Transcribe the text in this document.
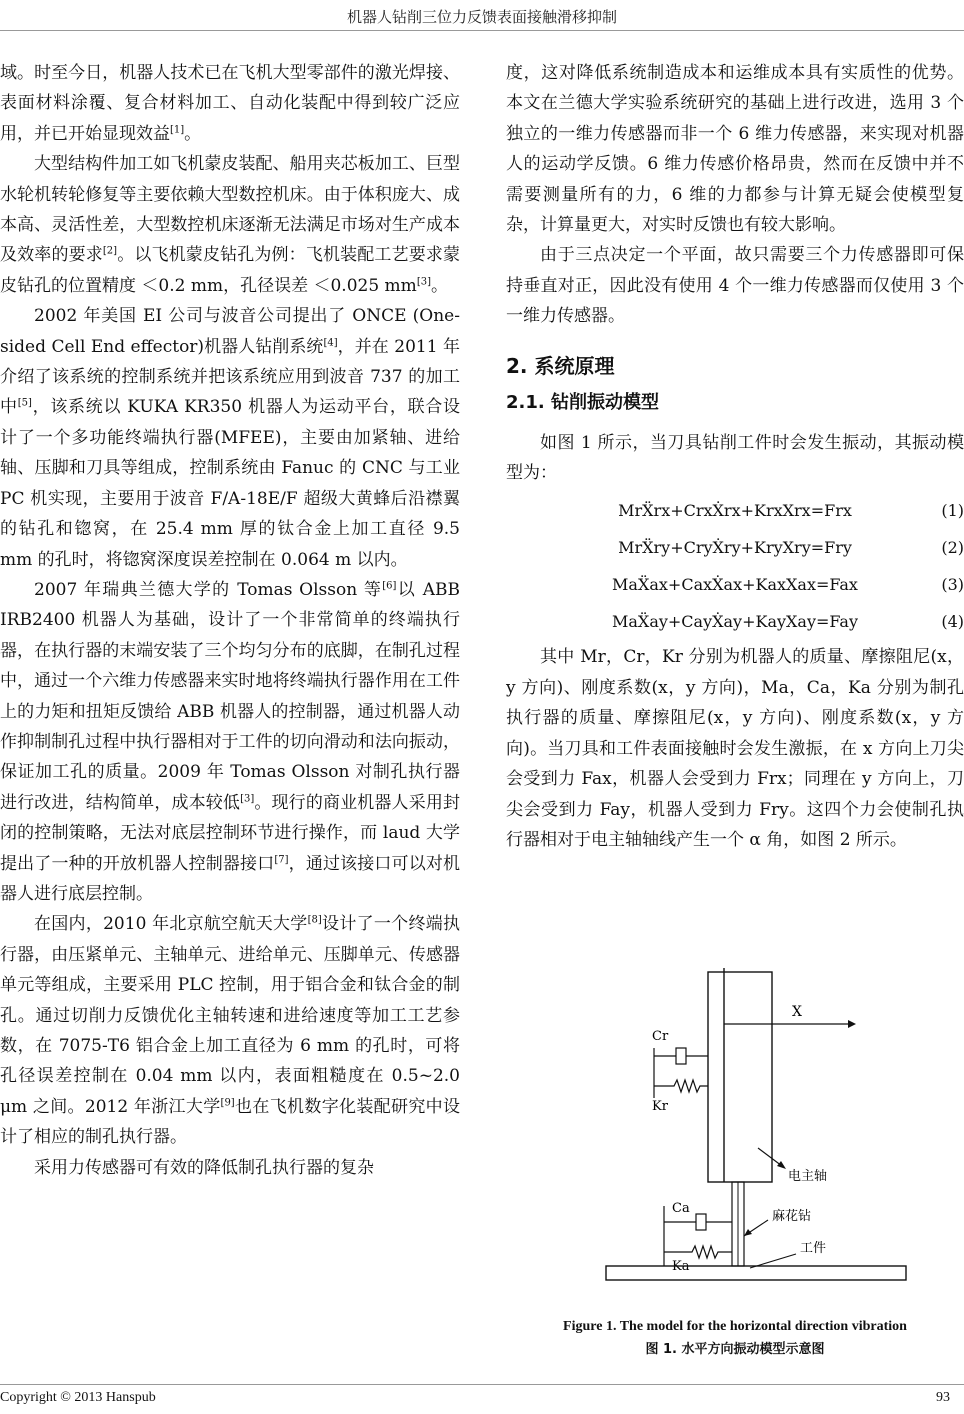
机器人钻削三位力反馈表面接触滑移抑制

域。时至今日，机器人技术已在飞机大型零部件的激光焊接、表面材料涂覆、复合材料加工、自动化装配中得到较广泛应用，并已开始显现效益[1]。

大型结构件加工如飞机蒙皮装配、船用夹芯板加工、巨型水轮机转轮修复等主要依赖大型数控机床。由于体积庞大、成本高、灵活性差，大型数控机床逐渐无法满足市场对生产成本及效率的要求[2]。以飞机蒙皮钻孔为例：飞机装配工艺要求蒙皮钻孔的位置精度 ＜0.2 mm，孔径误差 ＜0.025 mm[3]。

2002 年美国 EI 公司与波音公司提出了 ONCE (One-sided Cell End effector)机器人钻削系统[4]，并在 2011 年介绍了该系统的控制系统并把该系统应用到波音 737 的加工中[5]，该系统以 KUKA KR350 机器人为运动平台，联合设计了一个多功能终端执行器(MFEE)，主要由加紧轴、进给轴、压脚和刀具等组成，控制系统由 Fanuc 的 CNC 与工业 PC 机实现，主要用于波音 F/A-18E/F 超级大黄蜂后沿襟翼的钻孔和锪窝，在 25.4 mm 厚的钛合金上加工直径 9.5 mm 的孔时，将锪窝深度误差控制在 0.064 m 以内。

2007 年瑞典兰德大学的 Tomas Olsson 等[6]以 ABB IRB2400 机器人为基础，设计了一个非常简单的终端执行器，在执行器的末端安装了三个均匀分布的底脚，在制孔过程中，通过一个六维力传感器来实时地将终端执行器作用在工件上的力矩和扭矩反馈给 ABB 机器人的控制器，通过机器人动作抑制制孔过程中执行器相对于工件的切向滑动和法向振动，保证加工孔的质量。2009 年 Tomas Olsson 对制孔执行器进行改进，结构简单，成本较低[3]。现行的商业机器人采用封闭的控制策略，无法对底层控制环节进行操作，而 laud 大学提出了一种的开放机器人控制器接口[7]，通过该接口可以对机器人进行底层控制。

在国内，2010 年北京航空航天大学[8]设计了一个终端执行器，由压紧单元、主轴单元、进给单元、压脚单元、传感器单元等组成，主要采用 PLC 控制，用于铝合金和钛合金的制孔。通过切削力反馈优化主轴转速和进给速度等加工工艺参数，在 7075-T6 铝合金上加工直径为 6 mm 的孔时，可将孔径误差控制在 0.04 mm 以内，表面粗糙度在 0.5~2.0 μm 之间。2012 年浙江大学[9]也在飞机数字化装配研究中设计了相应的制孔执行器。

采用力传感器可有效的降低制孔执行器的复杂

度，这对降低系统制造成本和运维成本具有实质性的优势。本文在兰德大学实验系统研究的基础上进行改进，选用 3 个独立的一维力传感器而非一个 6 维力传感器，来实现对机器人的运动学反馈。6 维力传感价格昂贵，然而在反馈中并不需要测量所有的力，6 维的力都参与计算无疑会使模型复杂，计算量更大，对实时反馈也有较大影响。

由于三点决定一个平面，故只需要三个力传感器即可保持垂直对正，因此没有使用 4 个一维力传感器而仅使用 3 个一维力传感器。

2. 系统原理
2.1. 钻削振动模型

如图 1 所示，当刀具钻削工件时会发生振动，其振动模型为：

MrẌrx+CrxẊrx+KrxXrx=Frx	(1)
MrẌry+CryẊry+KryXry=Fry	(2)
MaẌax+CaxẊax+KaxXax=Fax	(3)
MaẌay+CayẊay+KayXay=Fay	(4)

其中 Mr，Cr，Kr 分别为机器人的质量、摩擦阻尼(x，y 方向)、刚度系数(x，y 方向)，Ma，Ca，Ka 分别为制孔执行器的质量、摩擦阻尼(x，y 方向)、刚度系数(x，y 方向)。当刀具和工件表面接触时会发生激振，在 x 方向上刀尖会受到力 Fax，机器人会受到力 Frx；同理在 y 方向上，刀尖会受到力 Fay，机器人受到力 Fry。这四个力会使制孔执行器相对于电主轴轴线产生一个 α 角，如图 2 所示。

X
Cr
Kr
电主轴
Ca
Ka
麻花钻
工件
Figure 1. The model for the horizontal direction vibration
图 1. 水平方向振动模型示意图
Copyright © 2013 Hanspub	93
